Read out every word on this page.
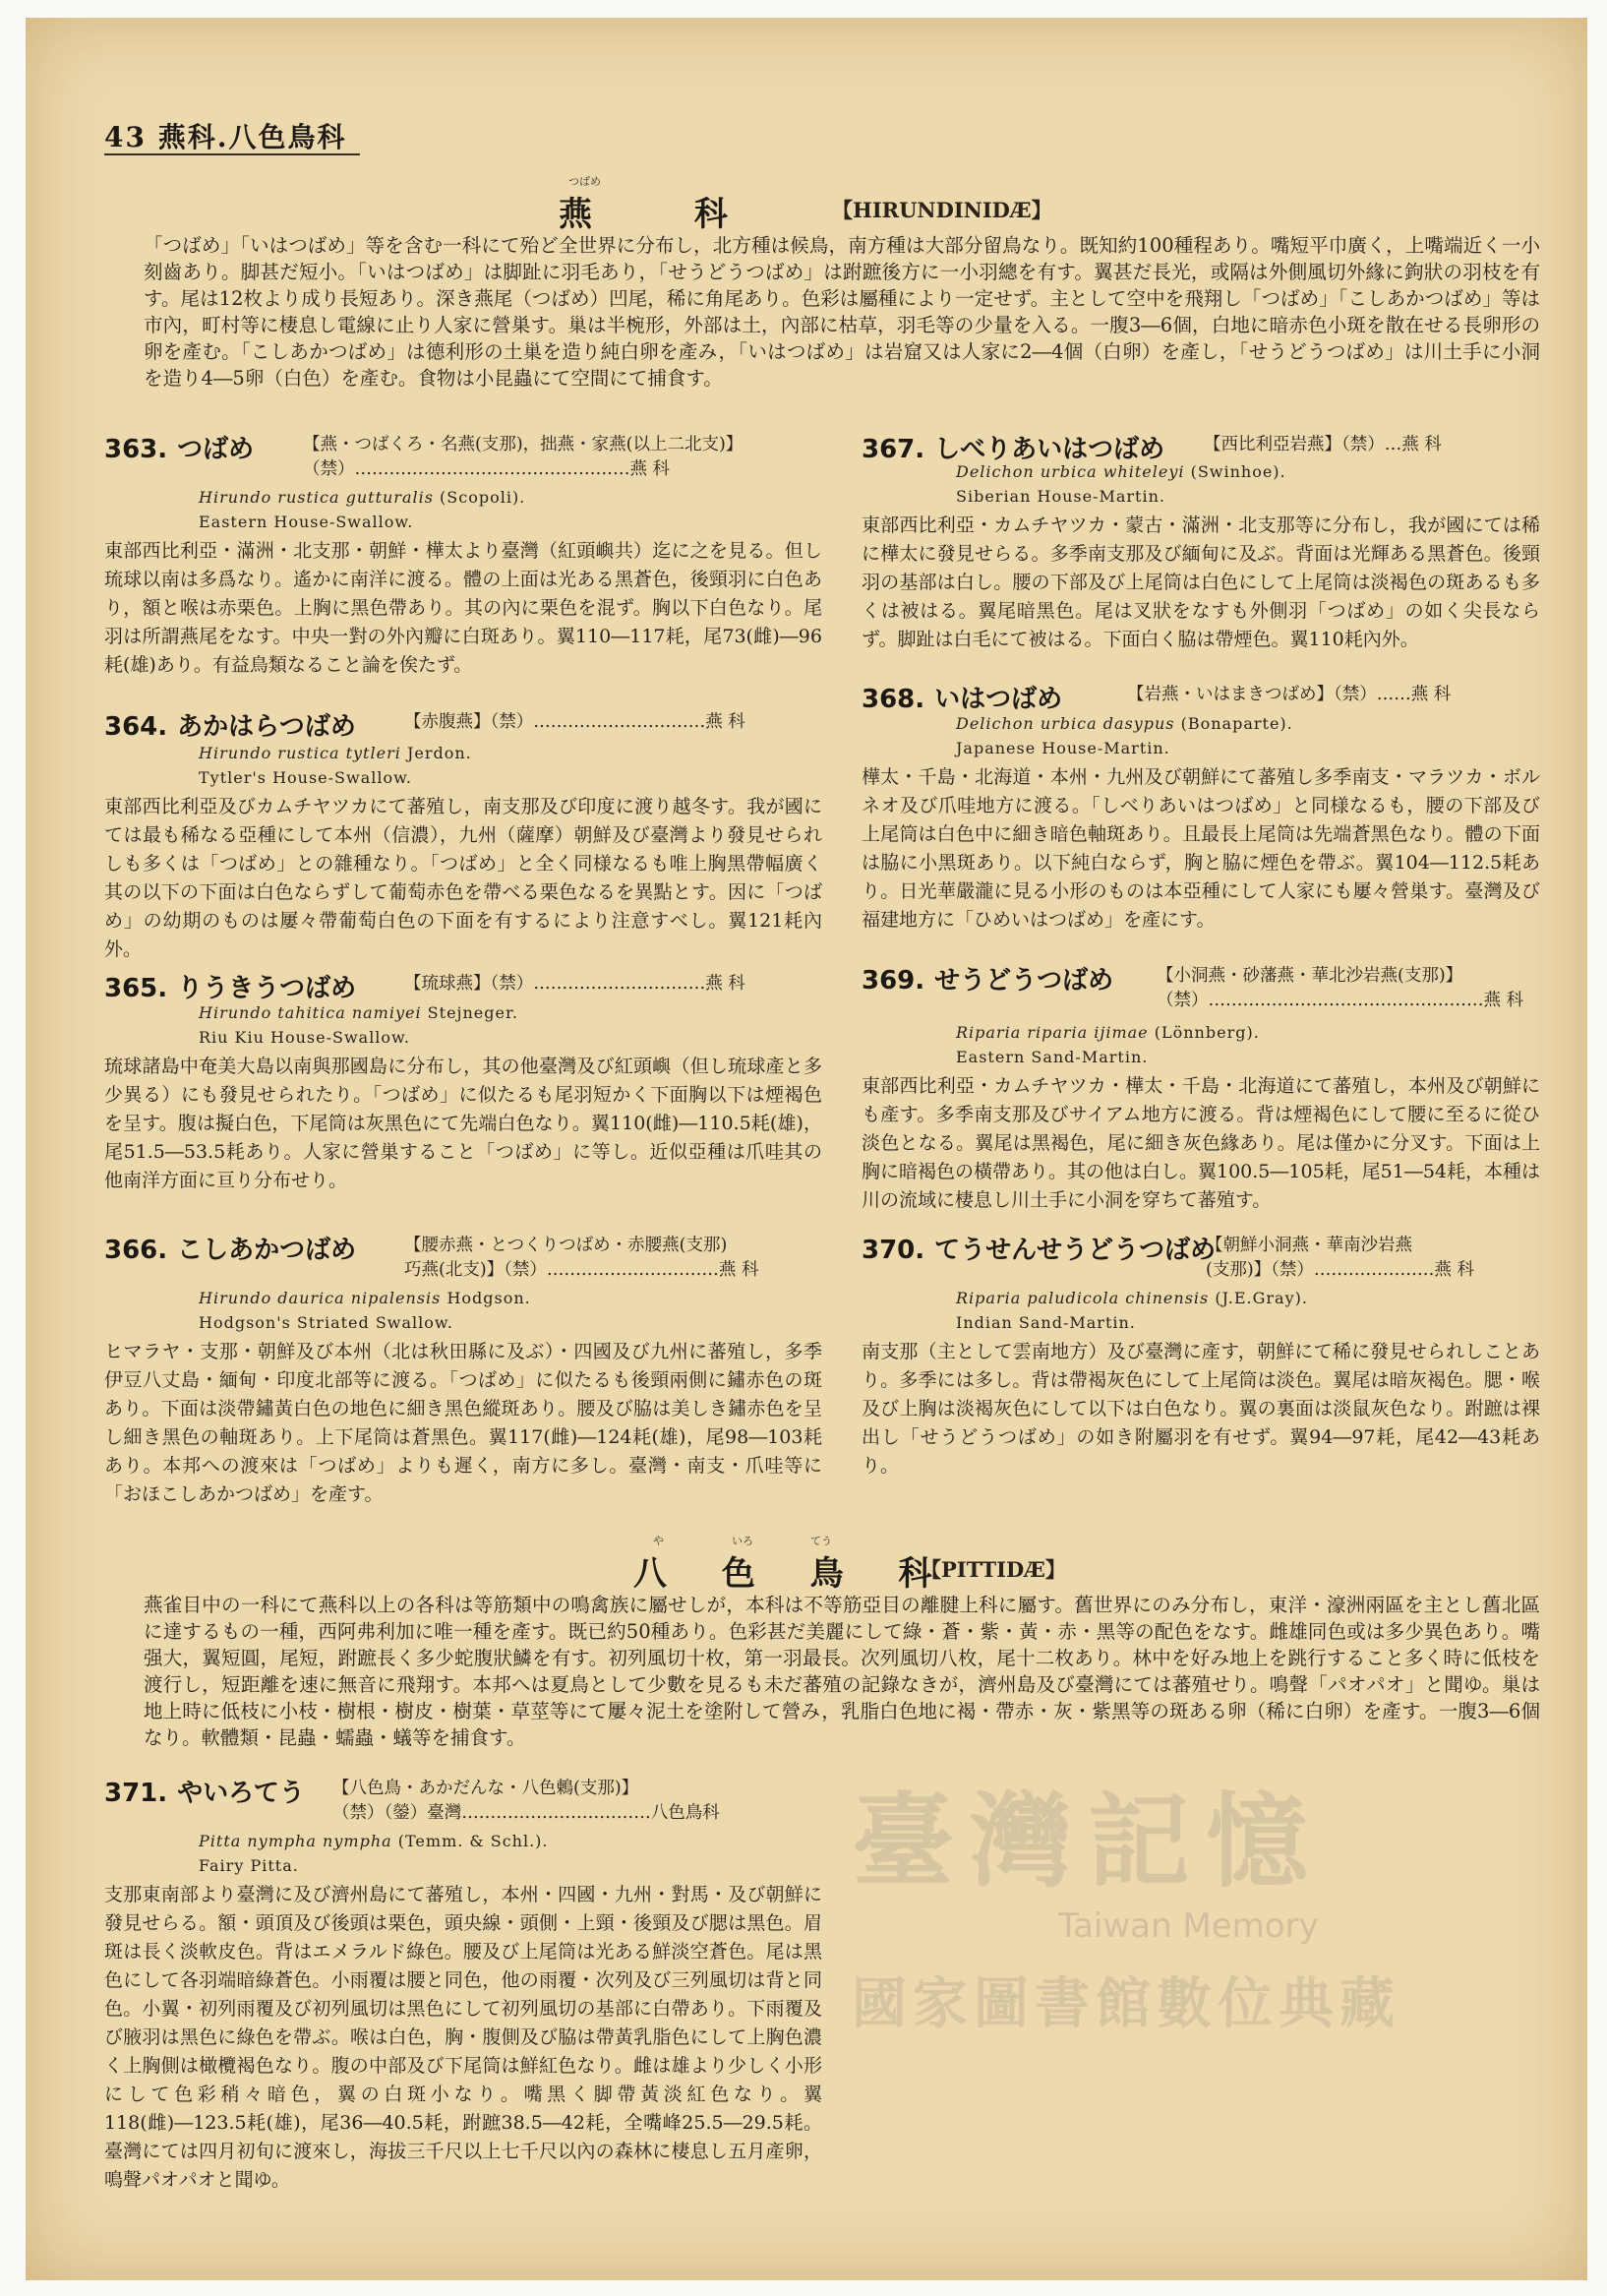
43 燕科.八色鳥科
つばめ
燕 科	【HIRUNDINIDÆ】

「つばめ」「いはつばめ」等を含む一科にて殆ど全世界に分布し，北方種は候鳥，南方種は大部分留鳥なり。既知約100種程あり。嘴短平巾廣く，上嘴端近く一小刻齒あり。脚甚だ短小。「いはつばめ」は脚趾に羽毛あり，「せうどうつばめ」は跗蹠後方に一小羽總を有す。翼甚だ長光，或隔は外側風切外緣に鉤狀の羽枝を有す。尾は12枚より成り長短あり。深き燕尾（つばめ）凹尾，稀に角尾あり。色彩は屬種により一定せず。主として空中を飛翔し「つばめ」「こしあかつばめ」等は市內，町村等に棲息し電線に止り人家に營巣す。巢は半椀形，外部は土，內部に枯草，羽毛等の少量を入る。一腹3―6個，白地に暗赤色小斑を散在せる長卵形の卵を產む。「こしあかつばめ」は德利形の土巢を造り純白卵を產み，「いはつばめ」は岩窟又は人家に2―4個（白卵）を產し，「せうどうつばめ」は川土手に小洞を造り4―5卵（白色）を產む。食物は小昆蟲にて空間にて捕食す。

363. つばめ	【燕・つばくろ・名燕(支那)，拙燕・家燕(以上二北支)】
（禁）…………………………………………燕 科
Hirundo rustica gutturalis (Scopoli).
Eastern House-Swallow.

東部西比利亞・滿洲・北支那・朝鮮・樺太より臺灣（紅頭嶼共）迄に之を見る。但し琉球以南は多爲なり。遙かに南洋に渡る。體の上面は光ある黑蒼色，後頸羽に白色あり，額と喉は赤栗色。上胸に黑色帶あり。其の內に栗色を混ず。胸以下白色なり。尾羽は所謂燕尾をなす。中央一對の外內瓣に白斑あり。翼110―117耗，尾73(雌)―96耗(雄)あり。有益鳥類なること論を俟たず。

364. あかはらつばめ	【赤腹燕】（禁）…………………………燕 科
Hirundo rustica tytleri Jerdon.
Tytler's House-Swallow.

東部西比利亞及びカムチヤツカにて蕃殖し，南支那及び印度に渡り越冬す。我が國にては最も稀なる亞種にして本州（信濃），九州（薩摩）朝鮮及び臺灣より發見せられしも多くは「つばめ」との雜種なり。「つばめ」と全く同様なるも唯上胸黑帶幅廣く其の以下の下面は白色ならずして葡萄赤色を帶べる栗色なるを異點とす。因に「つばめ」の幼期のものは屢々帶葡萄白色の下面を有するにより注意すべし。翼121耗內外。

365. りうきうつばめ	【琉球燕】（禁）…………………………燕 科
Hirundo tahitica namiyei Stejneger.
Riu Kiu House-Swallow.

琉球諸島中奄美大島以南與那國島に分布し，其の他臺灣及び紅頭嶼（但し琉球產と多少異る）にも發見せられたり。「つばめ」に似たるも尾羽短かく下面胸以下は煙褐色を呈す。腹は擬白色，下尾筒は灰黑色にて先端白色なり。翼110(雌)―110.5耗(雄)，尾51.5―53.5耗あり。人家に營巣すること「つばめ」に等し。近似亞種は爪哇其の他南洋方面に亘り分布せり。

366. こしあかつばめ	【腰赤燕・とつくりつばめ・赤腰燕(支那)
巧燕(北支)】（禁）…………………………燕 科
Hirundo daurica nipalensis Hodgson.
Hodgson's Striated Swallow.

ヒマラヤ・支那・朝鮮及び本州（北は秋田縣に及ぶ）・四國及び九州に蕃殖し，多季伊豆八丈島・緬甸・印度北部等に渡る。「つばめ」に似たるも後頸兩側に鏽赤色の斑あり。下面は淡帶鏽黃白色の地色に細き黑色縱斑あり。腰及び脇は美しき鏽赤色を呈し細き黑色の軸斑あり。上下尾筒は蒼黑色。翼117(雌)―124耗(雄)，尾98―103耗あり。本邦への渡來は「つばめ」よりも遲く，南方に多し。臺灣・南支・爪哇等に「おほこしあかつばめ」を產す。

367. しべりあいはつばめ 【西比利亞岩燕】（禁）…燕 科
Delichon urbica whiteleyi (Swinhoe).
Siberian House-Martin.

東部西比利亞・カムチヤツカ・蒙古・滿洲・北支那等に分布し，我が國にては稀に樺太に發見せらる。多季南支那及び緬甸に及ぶ。背面は光輝ある黑蒼色。後頸羽の基部は白し。腰の下部及び上尾筒は白色にして上尾筒は淡褐色の斑あるも多くは被はる。翼尾暗黑色。尾は叉狀をなすも外側羽「つばめ」の如く尖長ならず。脚趾は白毛にて被はる。下面白く脇は帶煙色。翼110耗內外。

368. いはつばめ	【岩燕・いはまきつばめ】（禁）……燕 科
Delichon urbica dasypus (Bonaparte).
Japanese House-Martin.

樺太・千島・北海道・本州・九州及び朝鮮にて蕃殖し多季南支・マラツカ・ボルネオ及び爪哇地方に渡る。「しべりあいはつばめ」と同様なるも，腰の下部及び上尾筒は白色中に細き暗色軸斑あり。且最長上尾筒は先端蒼黑色なり。體の下面は脇に小黑斑あり。以下純白ならず，胸と脇に煙色を帶ぶ。翼104―112.5耗あり。日光華嚴瀧に見る小形のものは本亞種にして人家にも屢々營巣す。臺灣及び福建地方に「ひめいはつばめ」を產にす。

369. せうどうつばめ	【小洞燕・砂藩燕・華北沙岩燕(支那)】
（禁）…………………………………………燕 科
Riparia riparia ijimae (Lönnberg).
Eastern Sand-Martin.

東部西比利亞・カムチヤツカ・樺太・千島・北海道にて蕃殖し，本州及び朝鮮にも產す。多季南支那及びサイアム地方に渡る。背は煙褐色にして腰に至るに從ひ淡色となる。翼尾は黑褐色，尾に細き灰色緣あり。尾は僅かに分叉す。下面は上胸に暗褐色の橫帶あり。其の他は白し。翼100.5―105耗，尾51―54耗，本種は川の流域に棲息し川土手に小洞を穿ちて蕃殖す。

370. てうせんせうどうつばめ
【朝鮮小洞燕・華南沙岩燕
(支那)】（禁）…………………燕 科
Riparia paludicola chinensis (J.E.Gray).
Indian Sand-Martin.

南支那（主として雲南地方）及び臺灣に產す，朝鮮にて稀に發見せられしことあり。多季には多し。背は帶褐灰色にして上尾筒は淡色。翼尾は暗灰褐色。腮・喉及び上胸は淡褐灰色にして以下は白色なり。翼の裏面は淡鼠灰色なり。跗蹠は裸出し「せうどうつばめ」の如き附屬羽を有せず。翼94―97耗，尾42―43耗あり。

や	いろ	てう
八 色 鳥 科
【PITTIDÆ】

燕雀目中の一科にて燕科以上の各科は等筋類中の鳴禽族に屬せしが，本科は不等筋亞目の離腱上科に屬す。舊世界にのみ分布し，東洋・濠洲兩區を主とし舊北區に達するもの一種，西阿弗利加に唯一種を產す。既已約50種あり。色彩甚だ美麗にして綠・蒼・紫・黃・赤・黑等の配色をなす。雌雄同色或は多少異色あり。嘴强大，翼短圓，尾短，跗蹠長く多少蛇腹狀鱗を有す。初列風切十枚，第一羽最長。次列風切八枚，尾十二枚あり。林中を好み地上を跳行すること多く時に低枝を渡行し，短距離を速に無音に飛翔す。本邦へは夏鳥として少數を見るも未だ蕃殖の記錄なきが，濟州島及び臺灣にては蕃殖せり。鳴聲「パオパオ」と聞ゆ。巢は地上時に低枝に小枝・樹根・樹皮・樹葉・草莖等にて屢々泥土を塗附して營み，乳脂白色地に褐・帶赤・灰・紫黑等の斑ある卵（稀に白卵）を產す。一腹3―6個なり。軟體類・昆蟲・蠕蟲・蟻等を捕食す。

371. やいろてう 【八色鳥・あかだんな・八色鶇(支那)】
（禁）（鎣）臺灣……………………………八色鳥科
Pitta nympha nympha (Temm. & Schl.).
Fairy Pitta.

支那東南部より臺灣に及び濟州島にて蕃殖し，本州・四國・九州・對馬・及び朝鮮に發見せらる。額・頭頂及び後頭は栗色，頭央線・頭側・上頸・後頸及び腮は黑色。眉斑は長く淡軟皮色。背はエメラルド綠色。腰及び上尾筒は光ある鮮淡空蒼色。尾は黑色にして各羽端暗綠蒼色。小雨覆は腰と同色，他の雨覆・次列及び三列風切は背と同色。小翼・初列雨覆及び初列風切は黑色にして初列風切の基部に白帶あり。下雨覆及び腋羽は黑色に綠色を帶ぶ。喉は白色，胸・腹側及び脇は帶黃乳脂色にして上胸色濃く上胸側は橄欖褐色なり。腹の中部及び下尾筒は鮮紅色なり。雌は雄より少しく小形にして色彩稍々暗色，翼の白斑小なり。嘴黑く脚帶黃淡紅色なり。翼118(雌)―123.5耗(雄)，尾36―40.5耗，跗蹠38.5―42耗，全嘴峰25.5―29.5耗。臺灣にては四月初旬に渡來し，海拔三千尺以上七千尺以內の森林に棲息し五月產卵，鳴聲パオパオと聞ゆ。

臺灣記憶
Taiwan Memory
國家圖書館數位典藏
